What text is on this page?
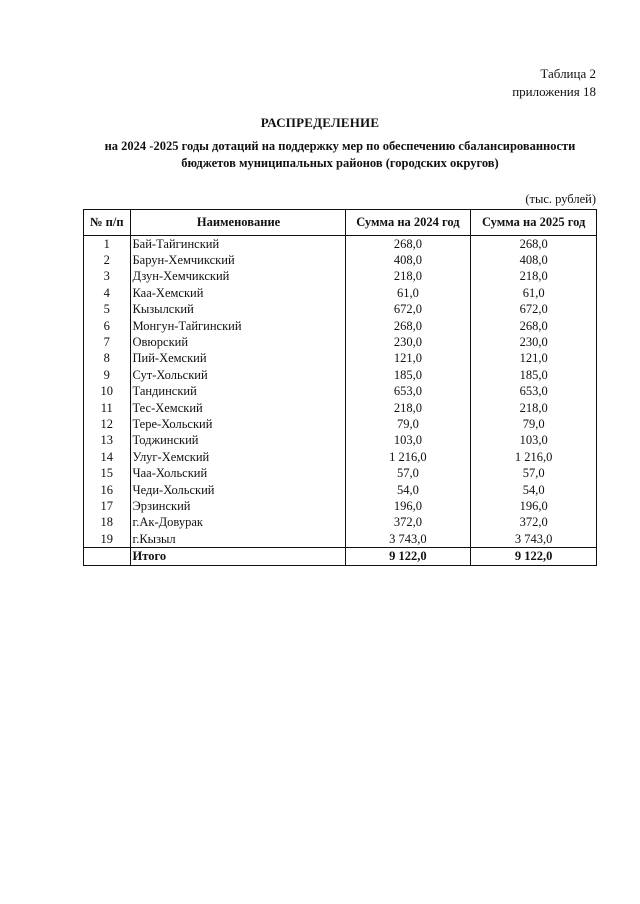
Таблица 2
приложения 18
РАСПРЕДЕЛЕНИЕ
на 2024 -2025 годы дотаций на поддержку мер по обеспечению сбалансированности
бюджетов муниципальных районов (городских округов)
(тыс. рублей)
№ п/п	Наименование	Сумма на 2024 год	Сумма на 2025 год
1	Бай-Тайгинский	268,0	268,0
2	Барун-Хемчикский	408,0	408,0
3	Дзун-Хемчикский	218,0	218,0
4	Каа-Хемский	61,0	61,0
5	Кызылский	672,0	672,0
6	Монгун-Тайгинский	268,0	268,0
7	Овюрский	230,0	230,0
8	Пий-Хемский	121,0	121,0
9	Сут-Хольский	185,0	185,0
10	Тандинский	653,0	653,0
11	Тес-Хемский	218,0	218,0
12	Тере-Хольский	79,0	79,0
13	Тоджинский	103,0	103,0
14	Улуг-Хемский	1 216,0	1 216,0
15	Чаа-Хольский	57,0	57,0
16	Чеди-Хольский	54,0	54,0
17	Эрзинский	196,0	196,0
18	г.Ак-Довурак	372,0	372,0
19	г.Кызыл	3 743,0	3 743,0
	Итого	9 122,0	9 122,0
